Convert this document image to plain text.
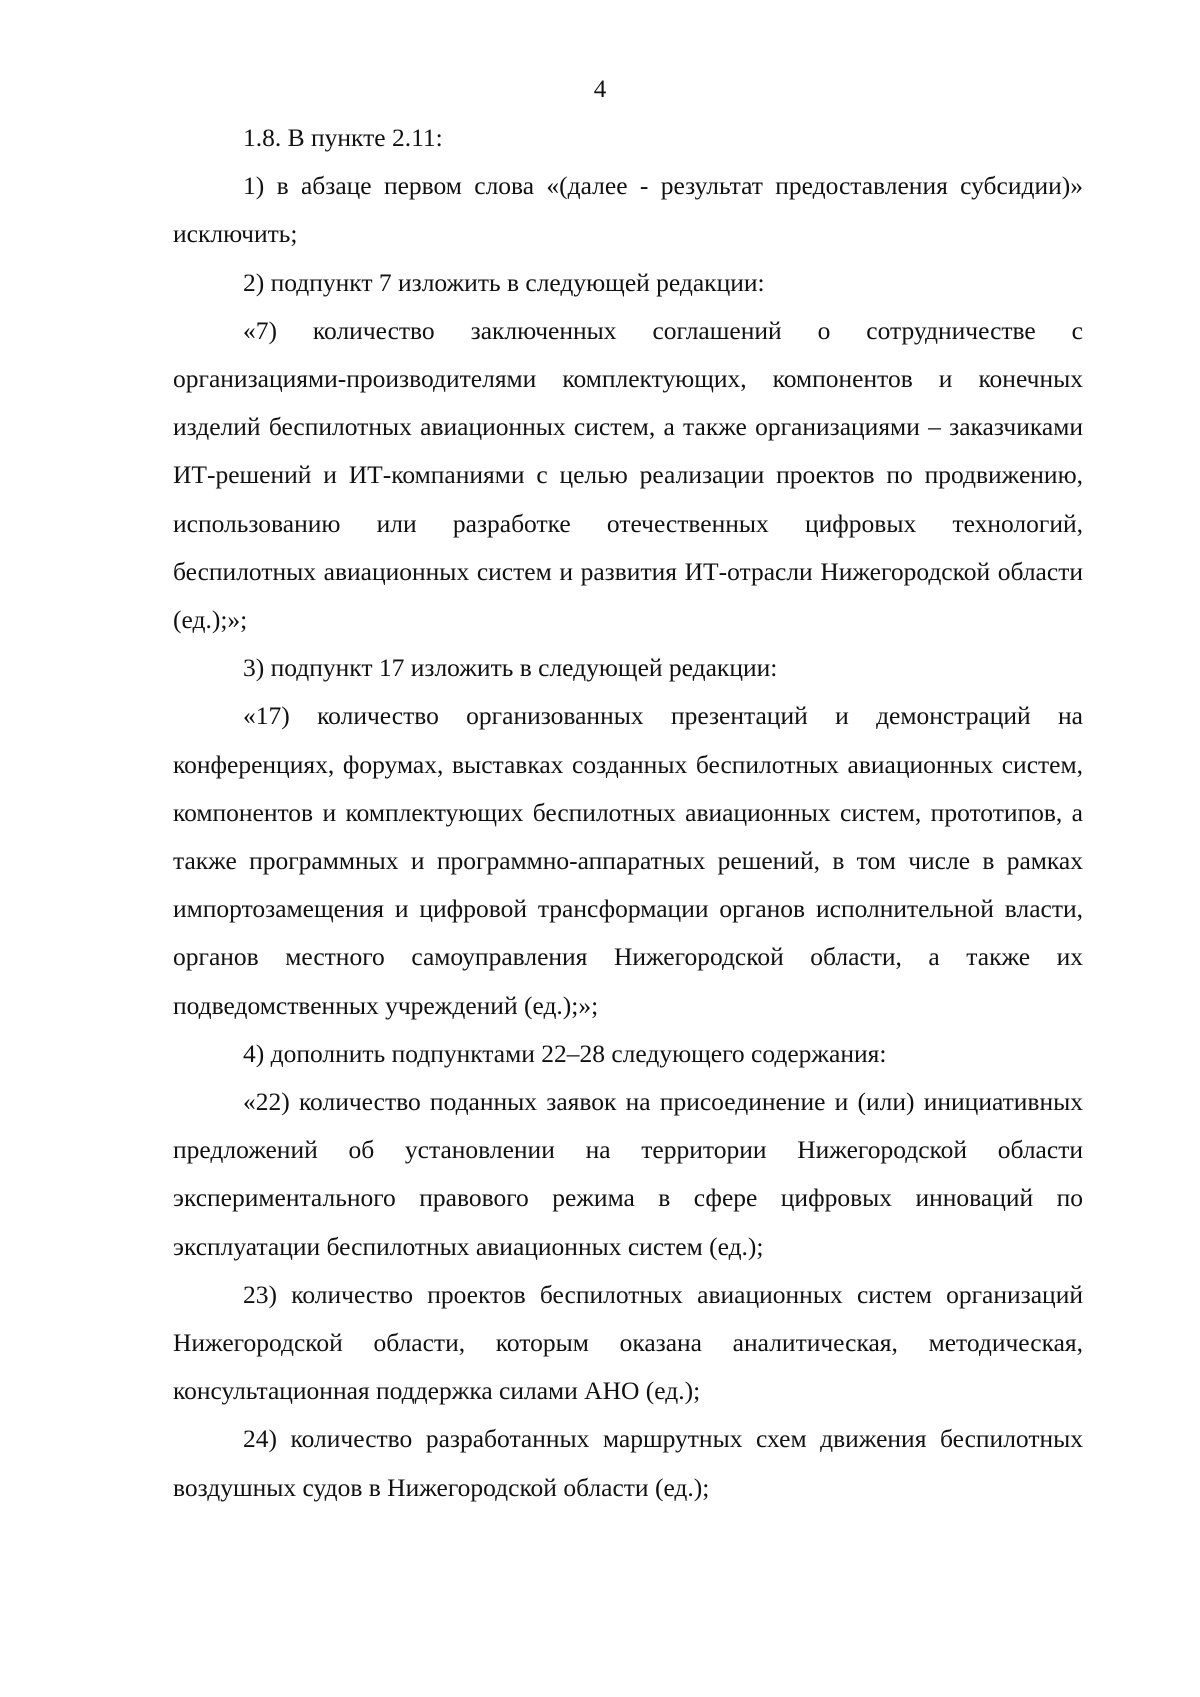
4

1.8. В пункте 2.11:

1) в абзаце первом слова «(далее - результат предоставления субсидии)» исключить;

2) подпункт 7 изложить в следующей редакции:

«7) количество заключенных соглашений о сотрудничестве с организациями-производителями комплектующих, компонентов и конечных изделий беспилотных авиационных систем, а также организациями – заказчиками ИТ-решений и ИТ-компаниями с целью реализации проектов по продвижению, использованию или разработке отечественных цифровых технологий, беспилотных авиационных систем и развития ИТ-отрасли Нижегородской области (ед.);»;

3) подпункт 17 изложить в следующей редакции:

«17) количество организованных презентаций и демонстраций на конференциях, форумах, выставках созданных беспилотных авиационных систем, компонентов и комплектующих беспилотных авиационных систем, прототипов, а также программных и программно-аппаратных решений, в том числе в рамках импортозамещения и цифровой трансформации органов исполнительной власти, органов местного самоуправления Нижегородской области, а также их подведомственных учреждений (ед.);»;

4) дополнить подпунктами 22–28 следующего содержания:

«22) количество поданных заявок на присоединение и (или) инициативных предложений об установлении на территории Нижегородской области экспериментального правового режима в сфере цифровых инноваций по эксплуатации беспилотных авиационных систем (ед.);

23) количество проектов беспилотных авиационных систем организаций Нижегородской области, которым оказана аналитическая, методическая, консультационная поддержка силами АНО (ед.);

24) количество разработанных маршрутных схем движения беспилотных воздушных судов в Нижегородской области (ед.);
